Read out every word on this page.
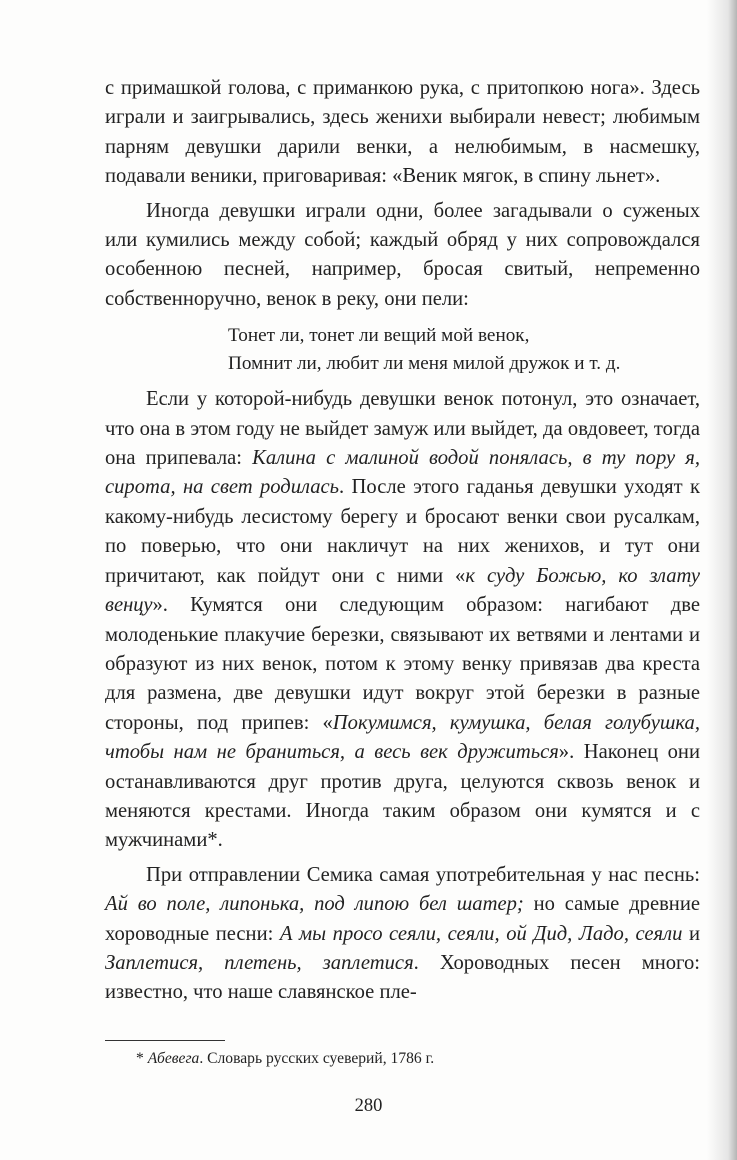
с примашкой голова, с приманкою рука, с притопкою нога». Здесь играли и заигрывались, здесь женихи выбирали невест; любимым парням девушки дарили венки, а нелюбимым, в насмешку, подавали веники, приговаривая: «Веник мягок, в спину льнет».

Иногда девушки играли одни, более загадывали о суженых или кумились между собой; каждый обряд у них сопровождался особенною песней, например, бросая свитый, непременно собственноручно, венок в реку, они пели:

Тонет ли, тонет ли вещий мой венок,
Помнит ли, любит ли меня милой дружок и т. д.

Если у которой-нибудь девушки венок потонул, это означает, что она в этом году не выйдет замуж или выйдет, да овдовеет, тогда она припевала: Калина с малиной водой понялась, в ту пору я, сирота, на свет родилась. После этого гаданья девушки уходят к какому-нибудь лесистому берегу и бросают венки свои русалкам, по поверью, что они накличут на них женихов, и тут они причитают, как пойдут они с ними «к суду Божью, ко злату венцу». Кумятся они следующим образом: нагибают две молоденькие плакучие березки, связывают их ветвями и лентами и образуют из них венок, потом к этому венку привязав два креста для размена, две девушки идут вокруг этой березки в разные стороны, под припев: «Покумимся, кумушка, белая голубушка, чтобы нам не браниться, а весь век дружиться». Наконец они останавливаются друг против друга, целуются сквозь венок и меняются крестами. Иногда таким образом они кумятся и с мужчинами*.

При отправлении Семика самая употребительная у нас песнь: Ай во поле, липонька, под липою бел шатер; но самые древние хороводные песни: А мы просо сеяли, сеяли, ой Дид, Ладо, сеяли и Заплетися, плетень, заплетися. Хороводных песен много: известно, что наше славянское пле-

* Абевега. Словарь русских суеверий, 1786 г.
280
